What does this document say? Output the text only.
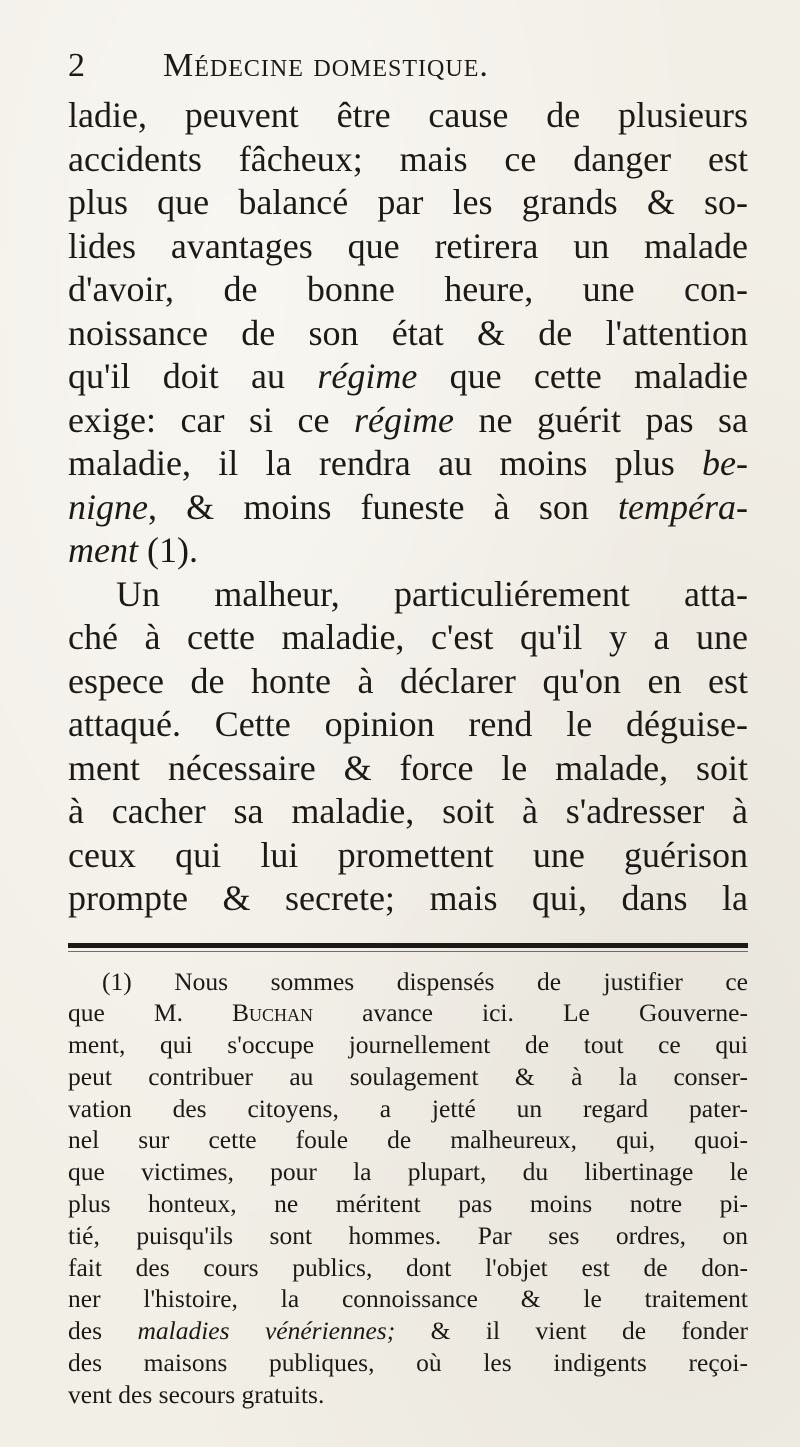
2 Médecine domestique.
ladie, peuvent être cause de plusieurs
accidents fâcheux; mais ce danger est
plus que balancé par les grands & so-
lides avantages que retirera un malade
d'avoir, de bonne heure, une con-
noissance de son état & de l'attention
qu'il doit au régime que cette maladie
exige: car si ce régime ne guérit pas sa
maladie, il la rendra au moins plus be-
nigne, & moins funeste à son tempéra-
ment (1).
Un malheur, particuliérement atta-
ché à cette maladie, c'est qu'il y a une
espece de honte à déclarer qu'on en est
attaqué. Cette opinion rend le déguise-
ment nécessaire & force le malade, soit
à cacher sa maladie, soit à s'adresser à
ceux qui lui promettent une guérison
prompte & secrete; mais qui, dans la
(1) Nous sommes dispensés de justifier ce
que M. Buchan avance ici. Le Gouverne-
ment, qui s'occupe journellement de tout ce qui
peut contribuer au soulagement & à la conser-
vation des citoyens, a jetté un regard pater-
nel sur cette foule de malheureux, qui, quoi-
que victimes, pour la plupart, du libertinage le
plus honteux, ne méritent pas moins notre pi-
tié, puisqu'ils sont hommes. Par ses ordres, on
fait des cours publics, dont l'objet est de don-
ner l'histoire, la connoissance & le traitement
des maladies vénériennes; & il vient de fonder
des maisons publiques, où les indigents reçoi-
vent des secours gratuits.
